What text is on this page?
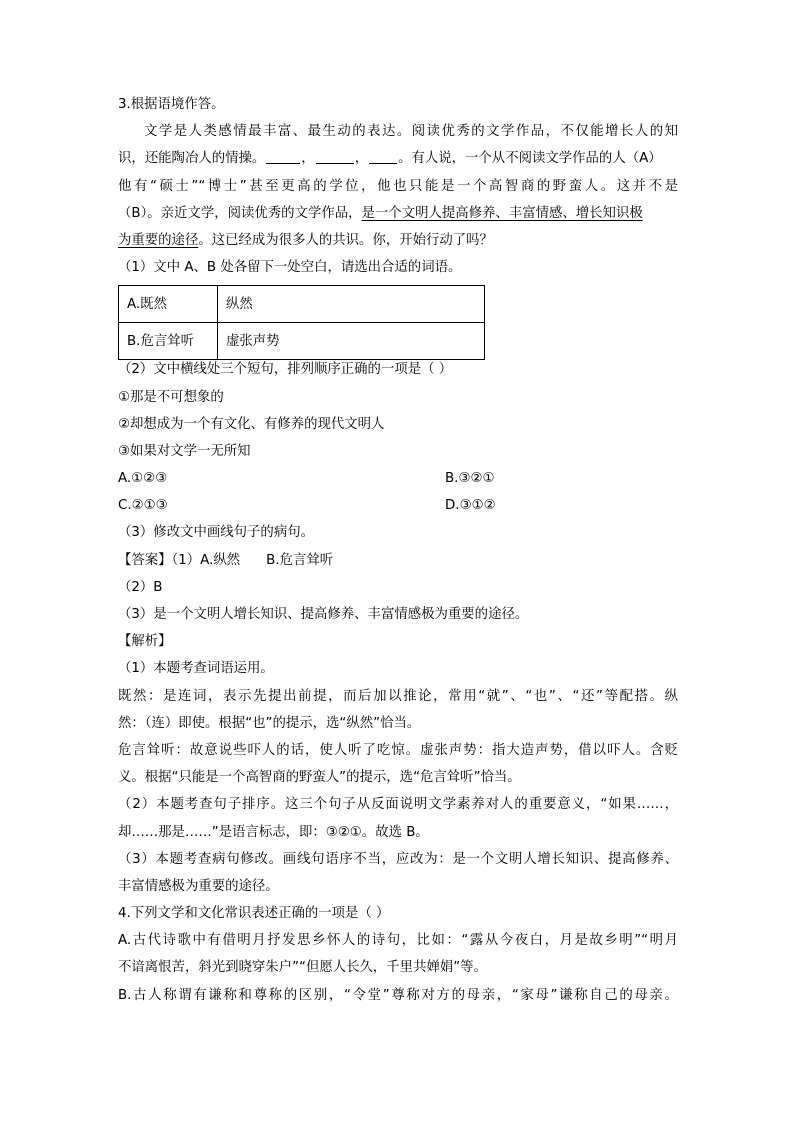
3.根据语境作答。
文学是人类感情最丰富、最生动的表达。阅读优秀的文学作品，不仅能增长人的知
识，还能陶冶人的情操。	，	， 。有人说，一个从不阅读文学作品的人（A）
他有“硕士”“博士”甚至更高的学位，他也只能是一个高智商的野蛮人。这并不是
（B）。亲近文学，阅读优秀的文学作品，是一个文明人提高修养、丰富情感、增长知识极
为重要的途径。这已经成为很多人的共识。你，开始行动了吗？
（1）文中 A、B 处各留下一处空白，请选出合适的词语。
A.既然	纵然
B.危言耸听	虚张声势
（2）文中横线处三个短句，排列顺序正确的一项是（ ）
①那是不可想象的
②却想成为一个有文化、有修养的现代文明人
③如果对文学一无所知
A.①②③	B.③②①
C.②①③	D.③①②
（3）修改文中画线句子的病句。
【答案】（1）A.纵然 B.危言耸听
（2）B
（3）是一个文明人增长知识、提高修养、丰富情感极为重要的途径。
【解析】
（1）本题考查词语运用。
既然：是连词，表示先提出前提，而后加以推论，常用“就”、“也”、“还”等配搭。纵
然：（连）即使。根据“也”的提示，选“纵然”恰当。
危言耸听：故意说些吓人的话，使人听了吃惊。虚张声势：指大造声势，借以吓人。含贬
义。根据“只能是一个高智商的野蛮人”的提示，选“危言耸听”恰当。
（2）本题考查句子排序。这三个句子从反面说明文学素养对人的重要意义，“如果……，
却……那是……”是语言标志，即：③②①。故选 B。
（3）本题考查病句修改。画线句语序不当，应改为：是一个文明人增长知识、提高修养、
丰富情感极为重要的途径。
4.下列文学和文化常识表述正确的一项是（ ）
A.古代诗歌中有借明月抒发思乡怀人的诗句，比如：“露从今夜白，月是故乡明”“明月
不谙离恨苦，斜光到晓穿朱户”“但愿人长久，千里共婵娟”等。
B.古人称谓有谦称和尊称的区别，“令堂”尊称对方的母亲，“家母”谦称自己的母亲。
